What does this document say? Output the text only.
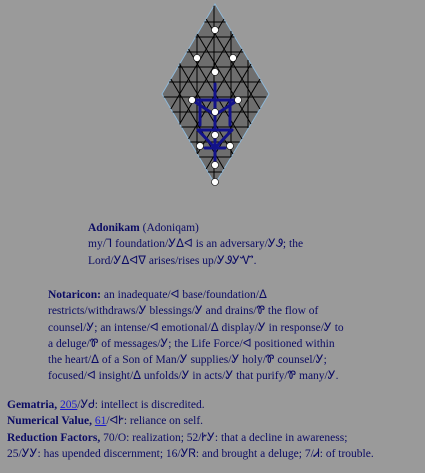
Adonikam (Adoniqam)
my/⅂ foundation/Ꭹᐃᐊ is an adversary/ᎩᏭ; the
Lord/Ꭹᐃᐊᐁ arises/rises up/ᎩᏭᎩᏉ.
Notaricon: an inadequate/ᐊ base/foundation/ᐃ
restricts/withdraws/Ꭹ blessings/Ꭹ and drains/Ꮘ the flow of
counsel/Ꭹ; an intense/ᐊ emotional/ᐃ display/Ꭹ in response/Ꭹ to
a deluge/Ꮘ of messages/Ꭹ; the Life Force/ᐊ positioned within
the heart/ᐃ of a Son of Man/Ꭹ supplies/Ꭹ holy/Ꮘ counsel/Ꭹ;
focused/ᐊ insight/ᐃ unfolds/Ꭹ in acts/Ꭹ that purify/Ꮘ many/Ꭹ.
Gematria, 205/ᎩᏧ: intellect is discredited.
Numerical Value, 61/ᐊᎨ: reliance on self.
Reduction Factors, 70/O: realization; 52/ᎨᎩ: that a decline in awareness;
25/ᎩᎩ: has upended discernment; 16/ᎩᏒ: and brought a deluge; 7/Ꮧ: of trouble.
